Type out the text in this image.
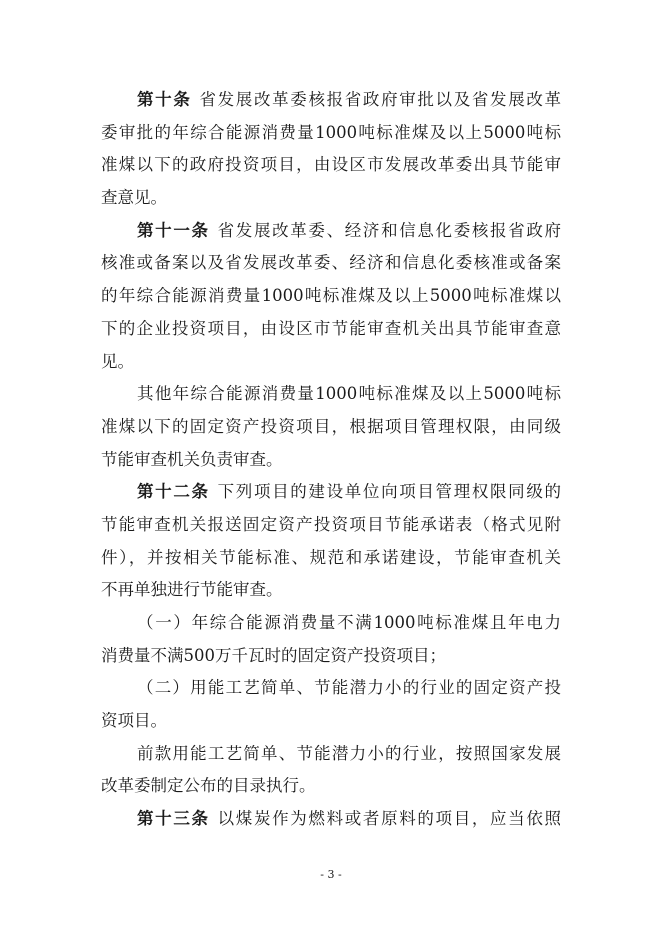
第十条 省发展改革委核报省政府审批以及省发展改革
委审批的年综合能源消费量1000吨标准煤及以上5000吨标
准煤以下的政府投资项目，由设区市发展改革委出具节能审
查意见。
第十一条 省发展改革委、经济和信息化委核报省政府
核准或备案以及省发展改革委、经济和信息化委核准或备案
的年综合能源消费量1000吨标准煤及以上5000吨标准煤以
下的企业投资项目，由设区市节能审查机关出具节能审查意
见。
其他年综合能源消费量1000吨标准煤及以上5000吨标
准煤以下的固定资产投资项目，根据项目管理权限，由同级
节能审查机关负责审查。
第十二条 下列项目的建设单位向项目管理权限同级的
节能审查机关报送固定资产投资项目节能承诺表（格式见附
件），并按相关节能标准、规范和承诺建设，节能审查机关
不再单独进行节能审查。
（一）年综合能源消费量不满1000吨标准煤且年电力
消费量不满500万千瓦时的固定资产投资项目；
（二）用能工艺简单、节能潜力小的行业的固定资产投
资项目。
前款用能工艺简单、节能潜力小的行业，按照国家发展
改革委制定公布的目录执行。
第十三条 以煤炭作为燃料或者原料的项目，应当依照
- 3 -
